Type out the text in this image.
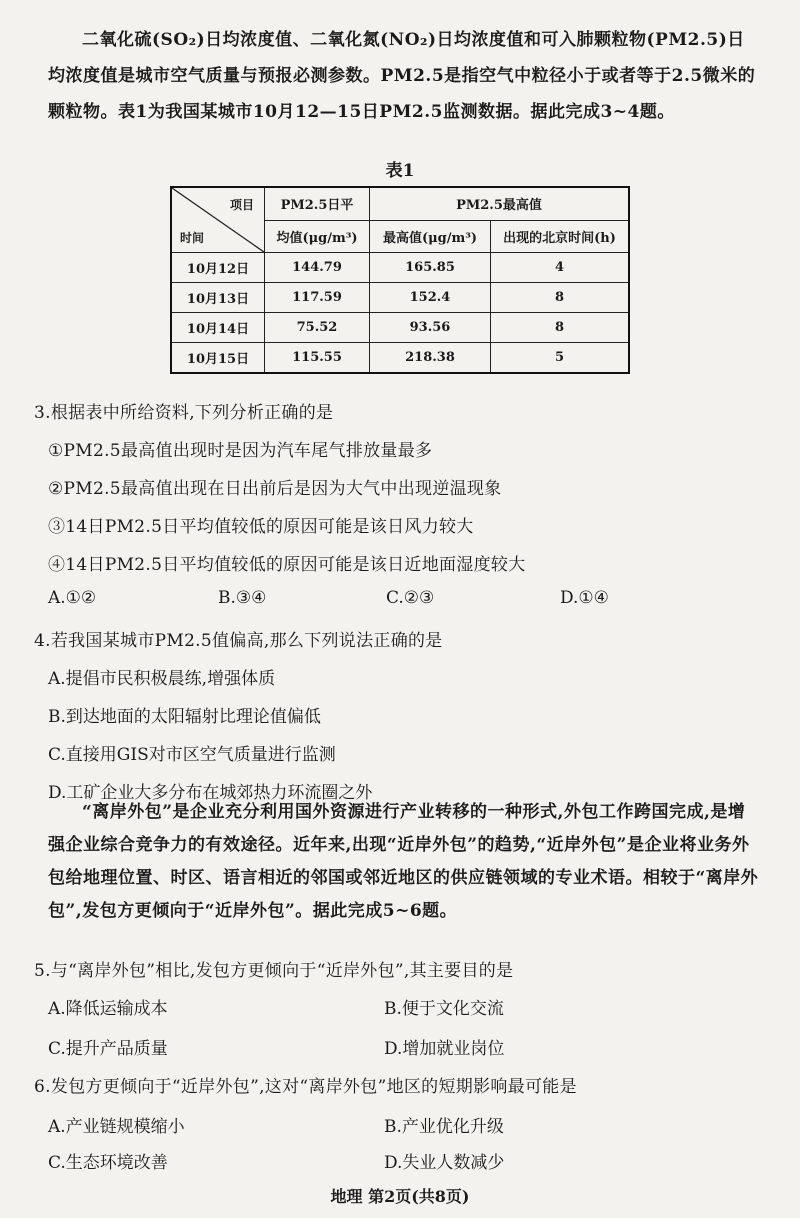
二氧化硫(SO₂)日均浓度值、二氧化氮(NO₂)日均浓度值和可入肺颗粒物(PM2.5)日均浓度值是城市空气质量与预报必测参数。PM2.5是指空气中粒径小于或者等于2.5微米的颗粒物。表1为我国某城市10月12—15日PM2.5监测数据。据此完成3~4题。
表1
项目
时间	PM2.5日平	PM2.5最高值	
	均值(μg/m³)	最高值(μg/m³)	出现的北京时间(h)
10月12日	144.79	165.85	4
10月13日	117.59	152.4	8
10月14日	75.52	93.56	8
10月15日	115.55	218.38	5
3.根据表中所给资料,下列分析正确的是
①PM2.5最高值出现时是因为汽车尾气排放量最多
②PM2.5最高值出现在日出前后是因为大气中出现逆温现象
③14日PM2.5日平均值较低的原因可能是该日风力较大
④14日PM2.5日平均值较低的原因可能是该日近地面湿度较大
A.①②	B.③④	C.②③	D.①④
4.若我国某城市PM2.5值偏高,那么下列说法正确的是
A.提倡市民积极晨练,增强体质
B.到达地面的太阳辐射比理论值偏低
C.直接用GIS对市区空气质量进行监测
D.工矿企业大多分布在城郊热力环流圈之外
“离岸外包”是企业充分利用国外资源进行产业转移的一种形式,外包工作跨国完成,是增强企业综合竞争力的有效途径。近年来,出现“近岸外包”的趋势,“近岸外包”是企业将业务外包给地理位置、时区、语言相近的邻国或邻近地区的供应链领域的专业术语。相较于“离岸外包”,发包方更倾向于“近岸外包”。据此完成5~6题。
5.与“离岸外包”相比,发包方更倾向于“近岸外包”,其主要目的是
A.降低运输成本	B.便于文化交流
C.提升产品质量	D.增加就业岗位
6.发包方更倾向于“近岸外包”,这对“离岸外包”地区的短期影响最可能是
A.产业链规模缩小	B.产业优化升级
C.生态环境改善	D.失业人数减少
地理 第2页(共8页)
